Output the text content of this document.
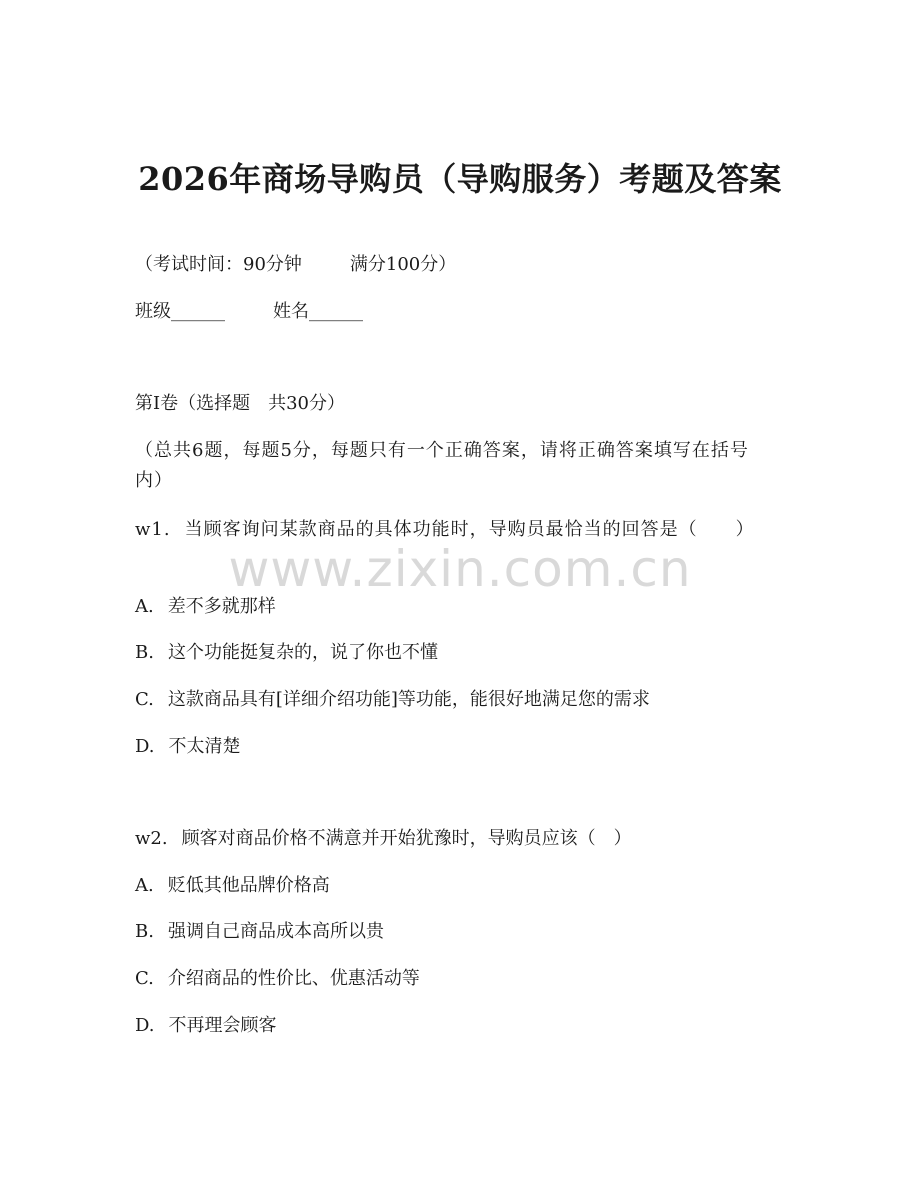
2026年商场导购员（导购服务）考题及答案
（考试时间：90分钟	满分100分）
班级______	姓名______
第I卷（选择题　共30分）
（总共6题，每题5分，每题只有一个正确答案，请将正确答案填写在括号内）
w1. 当顾客询问某款商品的具体功能时，导购员最恰当的回答是（　　）
A. 差不多就那样
B. 这个功能挺复杂的，说了你也不懂
C. 这款商品具有[详细介绍功能]等功能，能很好地满足您的需求
D. 不太清楚
w2. 顾客对商品价格不满意并开始犹豫时，导购员应该（　）
A. 贬低其他品牌价格高
B. 强调自己商品成本高所以贵
C. 介绍商品的性价比、优惠活动等
D. 不再理会顾客
www.zixin.com.cn
